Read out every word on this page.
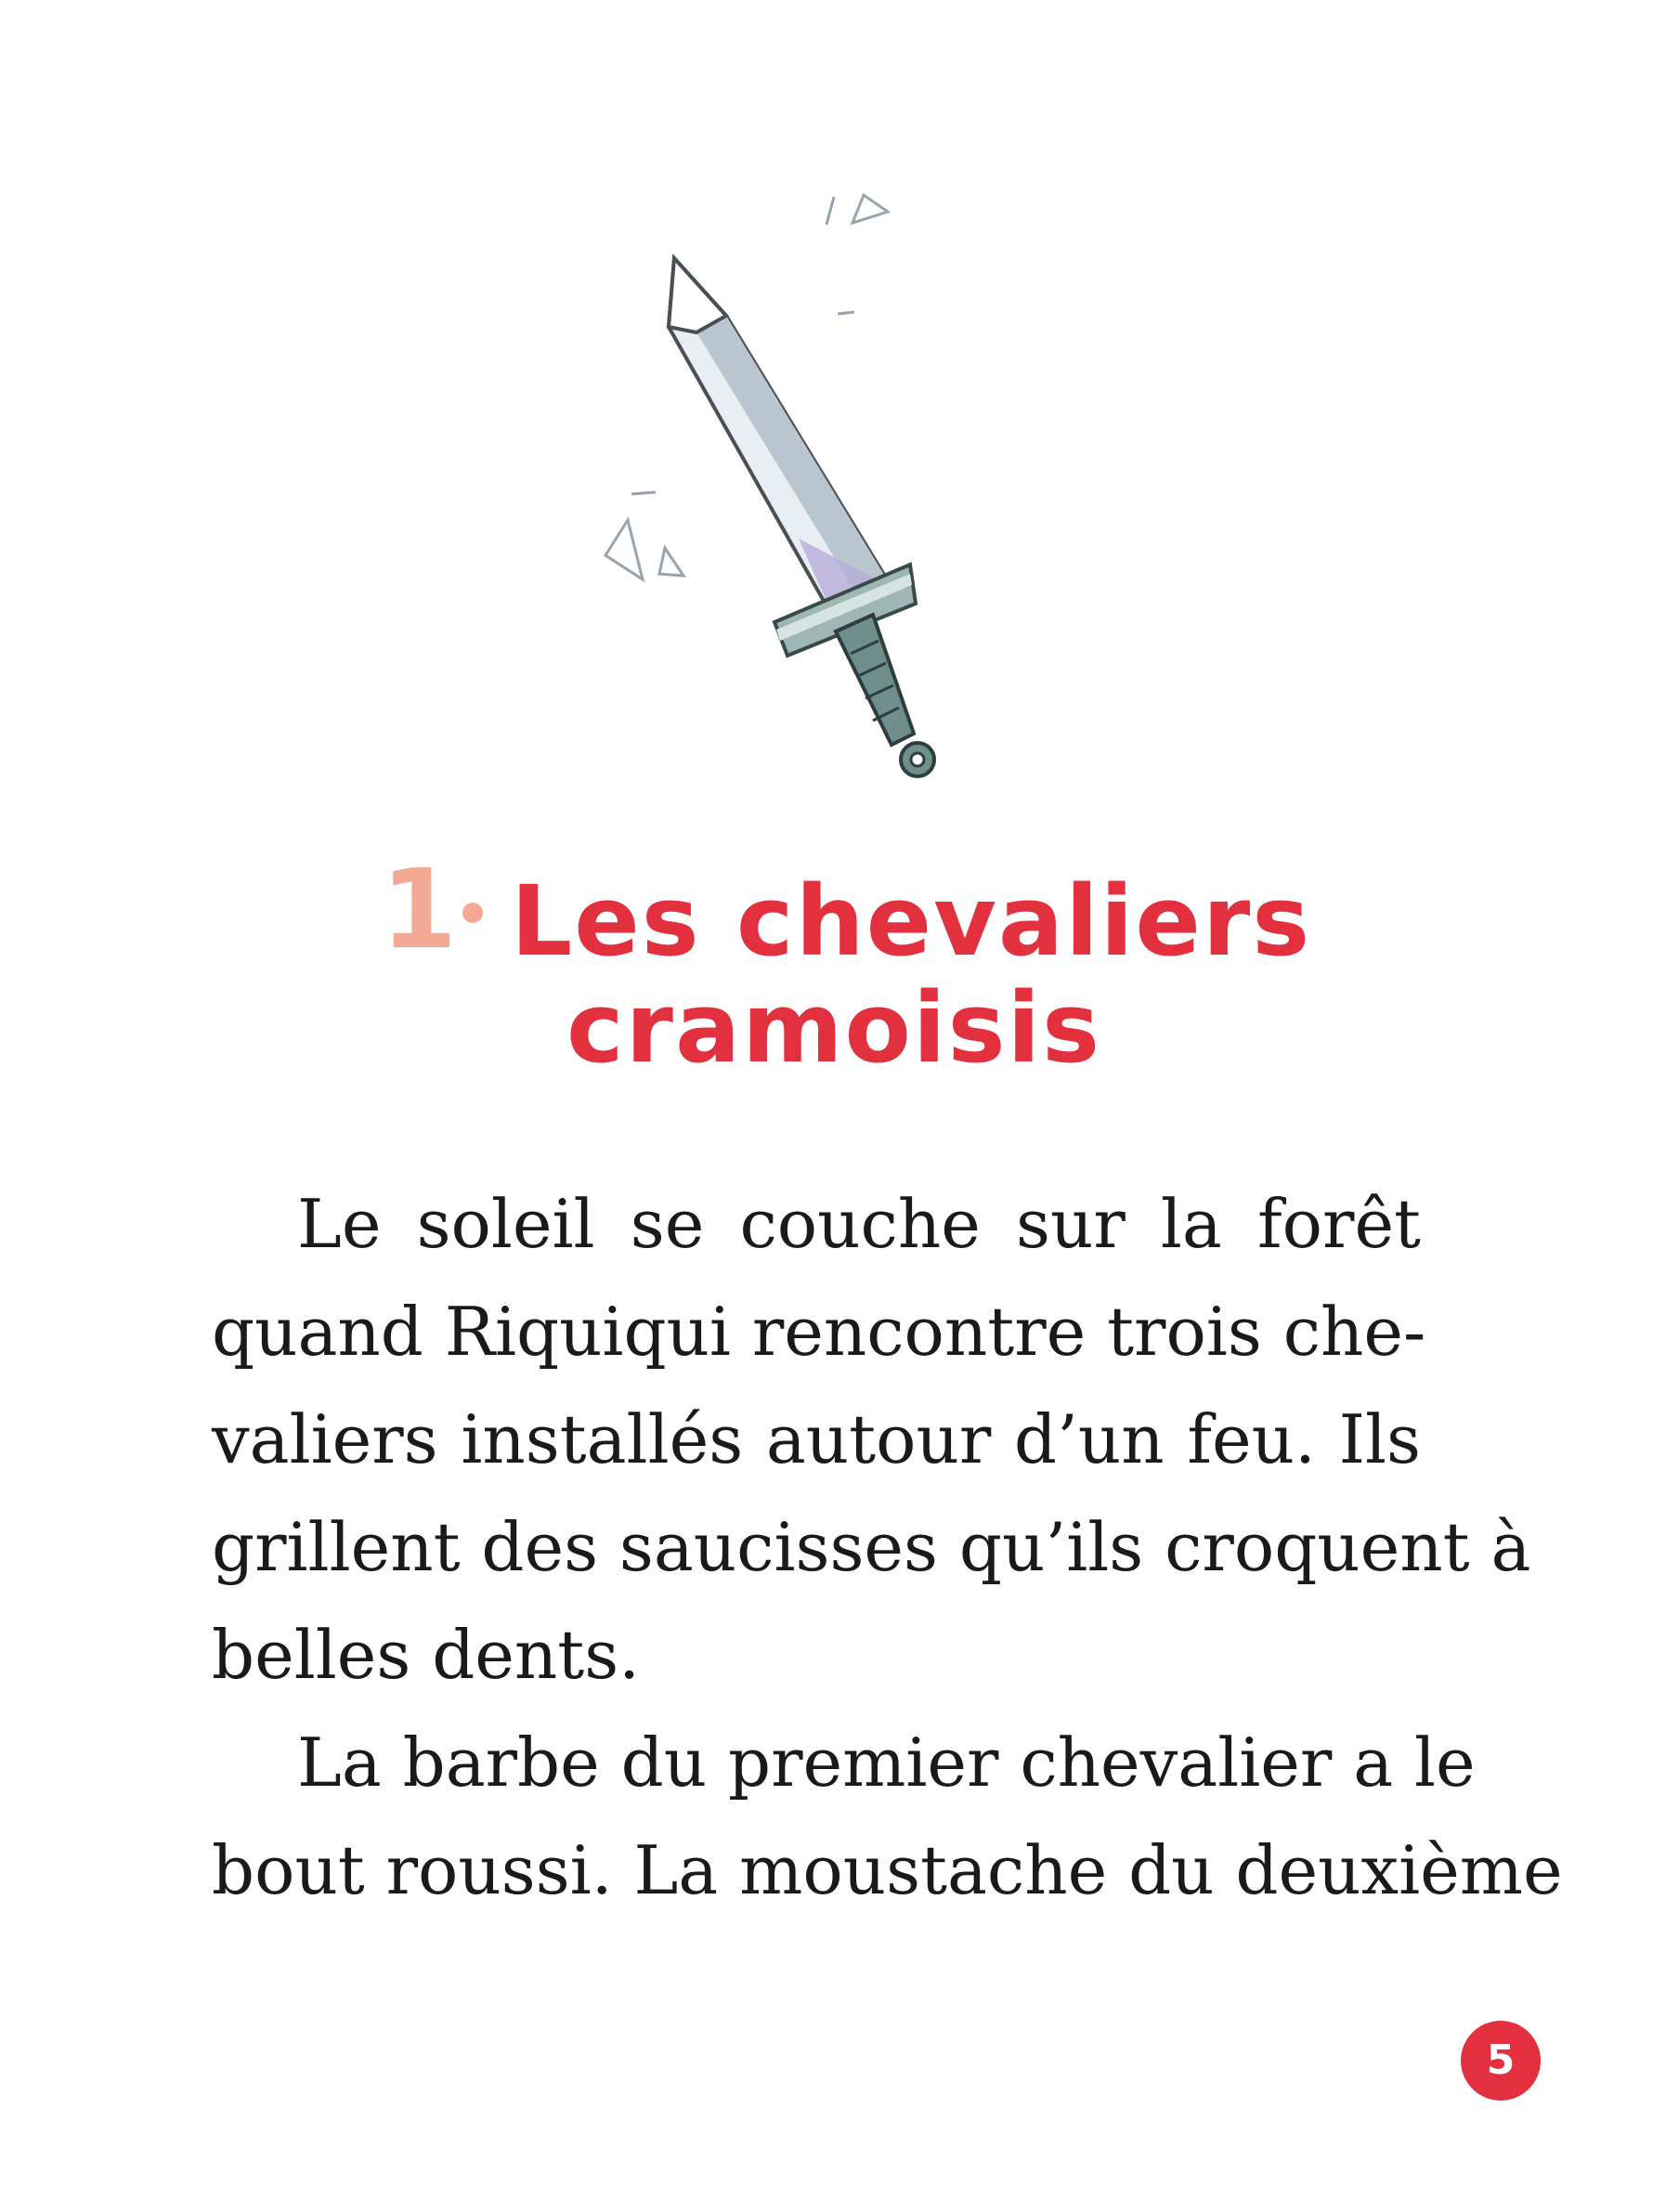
1 Les chevaliers
cramoisis
Le soleil se couche sur la forêt
quand Riquiqui rencontre trois che-
valiers installés autour d’un feu. Ils
grillent des saucisses qu’ils croquent à
belles dents.
La barbe du premier chevalier a le
bout roussi. La moustache du deuxième
5
